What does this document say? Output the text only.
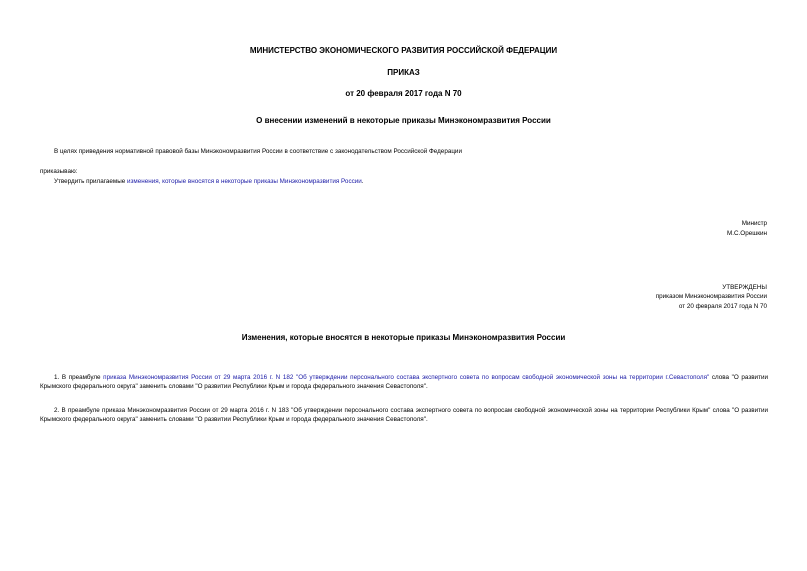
МИНИСТЕРСТВО ЭКОНОМИЧЕСКОГО РАЗВИТИЯ РОССИЙСКОЙ ФЕДЕРАЦИИ
ПРИКАЗ
от 20 февраля 2017 года N 70
О внесении изменений в некоторые приказы Минэкономразвития России
В целях приведения нормативной правовой базы Минэкономразвития России в соответствие с законодательством Российской Федерации
приказываю:
Утвердить прилагаемые изменения, которые вносятся в некоторые приказы Минэкономразвития России.
Министр
М.С.Орешкин
УТВЕРЖДЕНЫ
приказом Минэкономразвития России
от 20 февраля 2017 года N 70
Изменения, которые вносятся в некоторые приказы Минэкономразвития России
1. В преамбуле приказа Минэкономразвития России от 29 марта 2016 г. N 182 "Об утверждении персонального состава экспертного совета по вопросам свободной экономической зоны на территории г.Севастополя" слова "О развитии Крымского федерального округа" заменить словами "О развитии Республики Крым и города федерального значения Севастополя".
2. В преамбуле приказа Минэкономразвития России от 29 марта 2016 г. N 183 "Об утверждении персонального состава экспертного совета по вопросам свободной экономической зоны на территории Республики Крым" слова "О развитии Крымского федерального округа" заменить словами "О развитии Республики Крым и города федерального значения Севастополя".
